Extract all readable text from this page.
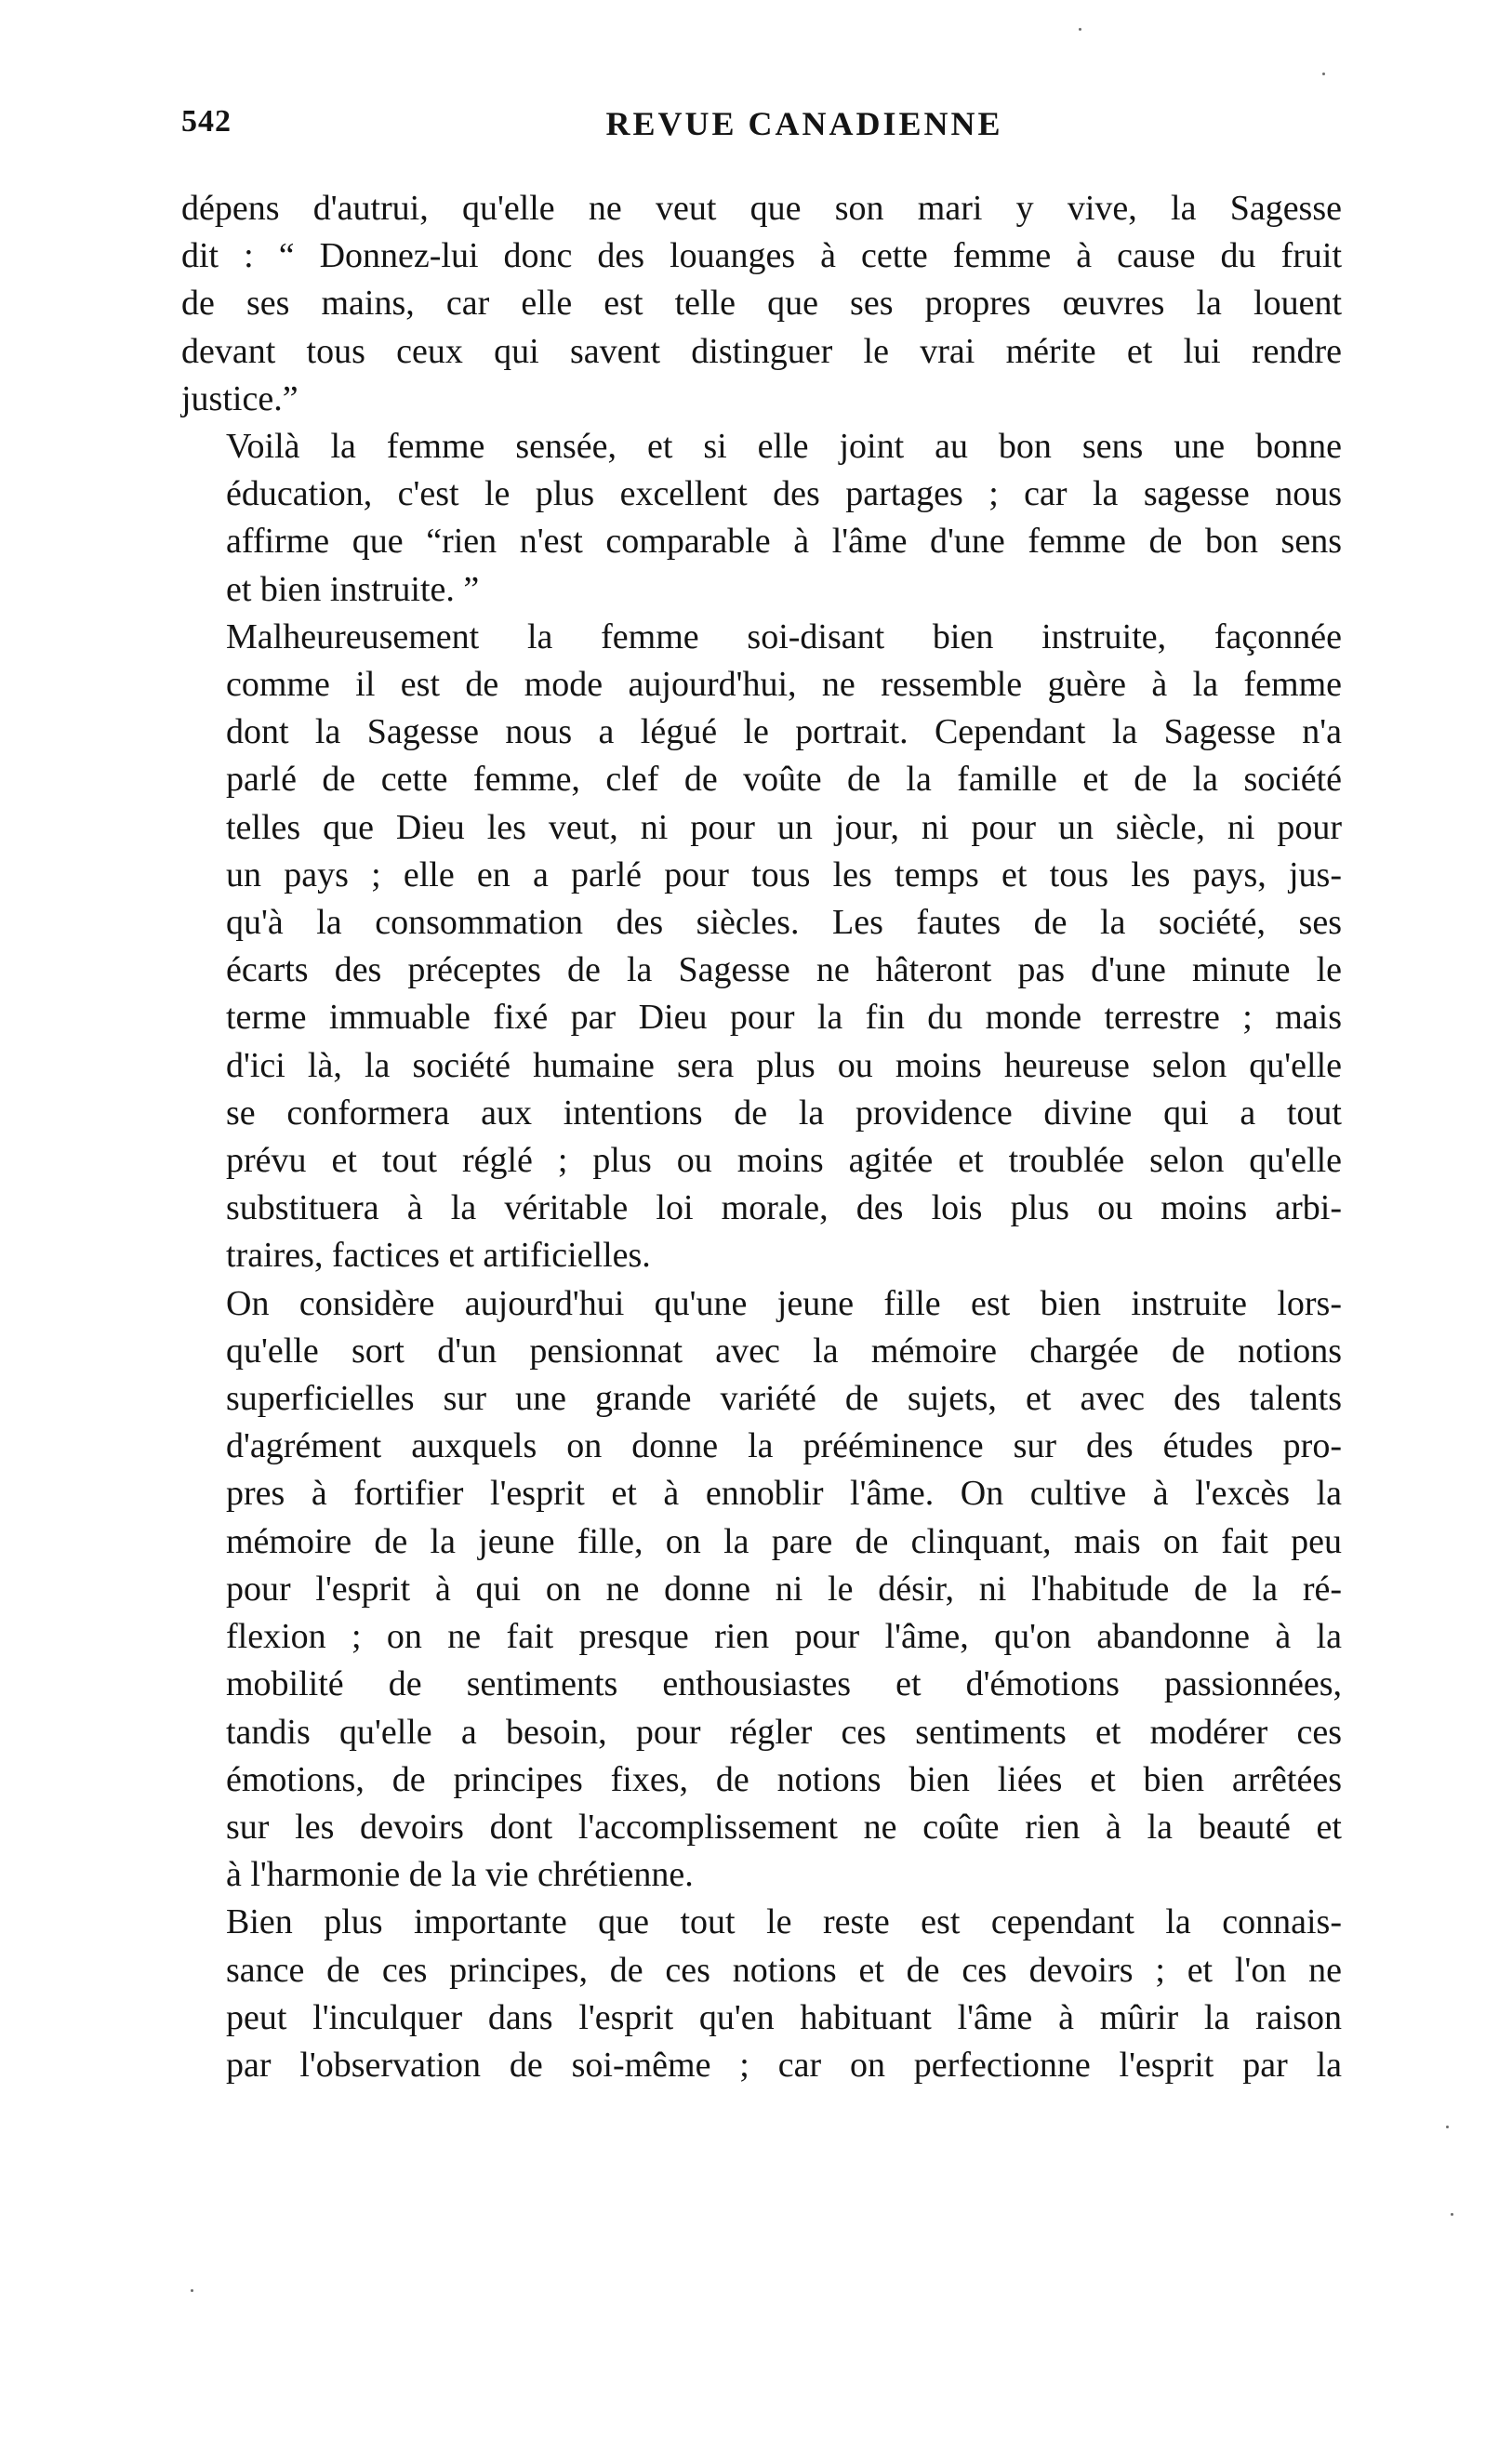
542	REVUE CANADIENNE

dépens d'autrui, qu'elle ne veut que son mari y vive, la Sagesse
dit : “ Donnez-lui donc des louanges à cette femme à cause du fruit
de ses mains, car elle est telle que ses propres œuvres la louent
devant tous ceux qui savent distinguer le vrai mérite et lui rendre
justice.”

Voilà la femme sensée, et si elle joint au bon sens une bonne
éducation, c'est le plus excellent des partages ; car la sagesse nous
affirme que “rien n'est comparable à l'âme d'une femme de bon sens
et bien instruite. ”

Malheureusement la femme soi-disant bien instruite, façonnée
comme il est de mode aujourd'hui, ne ressemble guère à la femme
dont la Sagesse nous a légué le portrait. Cependant la Sagesse n'a
parlé de cette femme, clef de voûte de la famille et de la société
telles que Dieu les veut, ni pour un jour, ni pour un siècle, ni pour
un pays ; elle en a parlé pour tous les temps et tous les pays, jus-
qu'à la consommation des siècles. Les fautes de la société, ses
écarts des préceptes de la Sagesse ne hâteront pas d'une minute le
terme immuable fixé par Dieu pour la fin du monde terrestre ; mais
d'ici là, la société humaine sera plus ou moins heureuse selon qu'elle
se conformera aux intentions de la providence divine qui a tout
prévu et tout réglé ; plus ou moins agitée et troublée selon qu'elle
substituera à la véritable loi morale, des lois plus ou moins arbi-
traires, factices et artificielles.

On considère aujourd'hui qu'une jeune fille est bien instruite lors-
qu'elle sort d'un pensionnat avec la mémoire chargée de notions
superficielles sur une grande variété de sujets, et avec des talents
d'agrément auxquels on donne la prééminence sur des études pro-
pres à fortifier l'esprit et à ennoblir l'âme. On cultive à l'excès la
mémoire de la jeune fille, on la pare de clinquant, mais on fait peu
pour l'esprit à qui on ne donne ni le désir, ni l'habitude de la ré-
flexion ; on ne fait presque rien pour l'âme, qu'on abandonne à la
mobilité de sentiments enthousiastes et d'émotions passionnées,
tandis qu'elle a besoin, pour régler ces sentiments et modérer ces
émotions, de principes fixes, de notions bien liées et bien arrêtées
sur les devoirs dont l'accomplissement ne coûte rien à la beauté et
à l'harmonie de la vie chrétienne.

Bien plus importante que tout le reste est cependant la connais-
sance de ces principes, de ces notions et de ces devoirs ; et l'on ne
peut l'inculquer dans l'esprit qu'en habituant l'âme à mûrir la raison
par l'observation de soi-même ; car on perfectionne l'esprit par la
